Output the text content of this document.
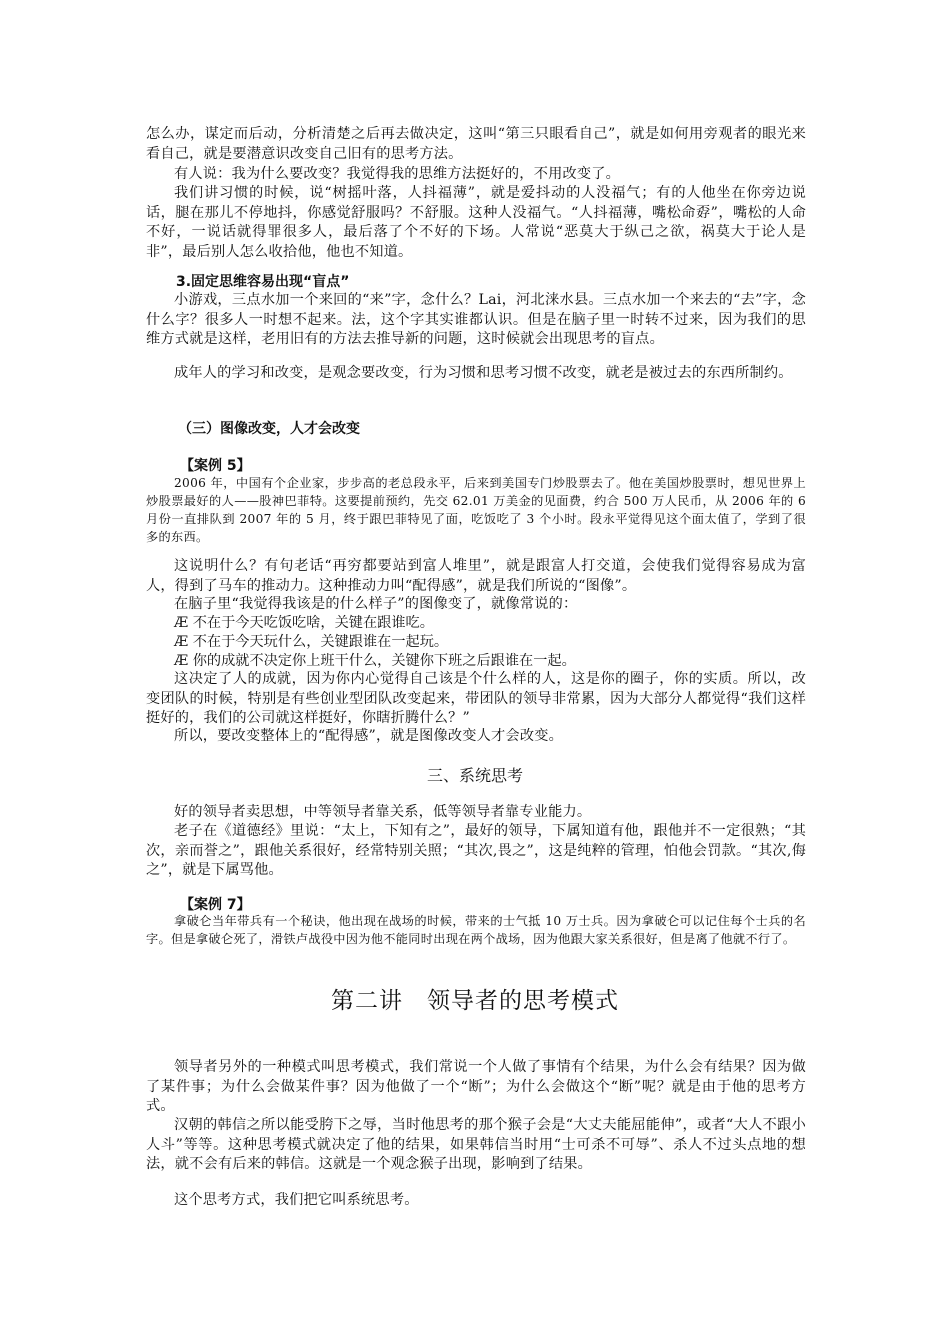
怎么办，谋定而后动，分析清楚之后再去做决定，这叫“第三只眼看自己”，就是如何用旁观者的眼光来看自己，就是要潜意识改变自己旧有的思考方法。

有人说：我为什么要改变？我觉得我的思维方法挺好的，不用改变了。

我们讲习惯的时候，说“树摇叶落，人抖福薄”，就是爱抖动的人没福气；有的人他坐在你旁边说话，腿在那儿不停地抖，你感觉舒服吗？不舒服。这种人没福气。“人抖福薄，嘴松命孬”，嘴松的人命不好，一说话就得罪很多人，最后落了个不好的下场。人常说“恶莫大于纵己之欲，祸莫大于论人是非”，最后别人怎么收拾他，他也不知道。

3.固定思维容易出现“盲点”

小游戏，三点水加一个来回的“来”字，念什么？Lai，河北涞水县。三点水加一个来去的“去”字，念什么字？很多人一时想不起来。法，这个字其实谁都认识。但是在脑子里一时转不过来，因为我们的思维方式就是这样，老用旧有的方法去推导新的问题，这时候就会出现思考的盲点。

成年人的学习和改变，是观念要改变，行为习惯和思考习惯不改变，就老是被过去的东西所制约。

（三）图像改变，人才会改变

【案例 5】

2006 年，中国有个企业家，步步高的老总段永平，后来到美国专门炒股票去了。他在美国炒股票时，想见世界上炒股票最好的人——股神巴菲特。这要提前预约，先交 62.01 万美金的见面费，约合 500 万人民币，从 2006 年的 6 月份一直排队到 2007 年的 5 月，终于跟巴菲特见了面，吃饭吃了 3 个小时。段永平觉得见这个面太值了，学到了很多的东西。

这说明什么？有句老话“再穷都要站到富人堆里”，就是跟富人打交道，会使我们觉得容易成为富人，得到了马车的推动力。这种推动力叫“配得感”，就是我们所说的“图像”。

在脑子里“我觉得我该是的什么样子”的图像变了，就像常说的：

Æ 不在于今天吃饭吃啥，关键在跟谁吃。

Æ 不在于今天玩什么，关键跟谁在一起玩。

Æ 你的成就不决定你上班干什么，关键你下班之后跟谁在一起。

这决定了人的成就，因为你内心觉得自己该是个什么样的人，这是你的圈子，你的实质。所以，改变团队的时候，特别是有些创业型团队改变起来，带团队的领导非常累，因为大部分人都觉得“我们这样挺好的，我们的公司就这样挺好，你瞎折腾什么？”

所以，要改变整体上的“配得感”，就是图像改变人才会改变。

三、系统思考

好的领导者卖思想，中等领导者靠关系，低等领导者靠专业能力。

老子在《道德经》里说：“太上，下知有之”，最好的领导，下属知道有他，跟他并不一定很熟；“其次，亲而誉之”，跟他关系很好，经常特别关照；“其次,畏之”，这是纯粹的管理，怕他会罚款。“其次,侮之”，就是下属骂他。

【案例 7】

拿破仑当年带兵有一个秘诀，他出现在战场的时候，带来的士气抵 10 万士兵。因为拿破仑可以记住每个士兵的名字。但是拿破仑死了，滑铁卢战役中因为他不能同时出现在两个战场，因为他跟大家关系很好，但是离了他就不行了。

第二讲　领导者的思考模式

领导者另外的一种模式叫思考模式，我们常说一个人做了事情有个结果，为什么会有结果？因为做了某件事；为什么会做某件事？因为他做了一个“断”；为什么会做这个“断”呢？就是由于他的思考方式。

汉朝的韩信之所以能受胯下之辱，当时他思考的那个猴子会是“大丈夫能屈能伸”，或者“大人不跟小人斗”等等。这种思考模式就决定了他的结果，如果韩信当时用“士可杀不可辱”、杀人不过头点地的想法，就不会有后来的韩信。这就是一个观念猴子出现，影响到了结果。

这个思考方式，我们把它叫系统思考。
